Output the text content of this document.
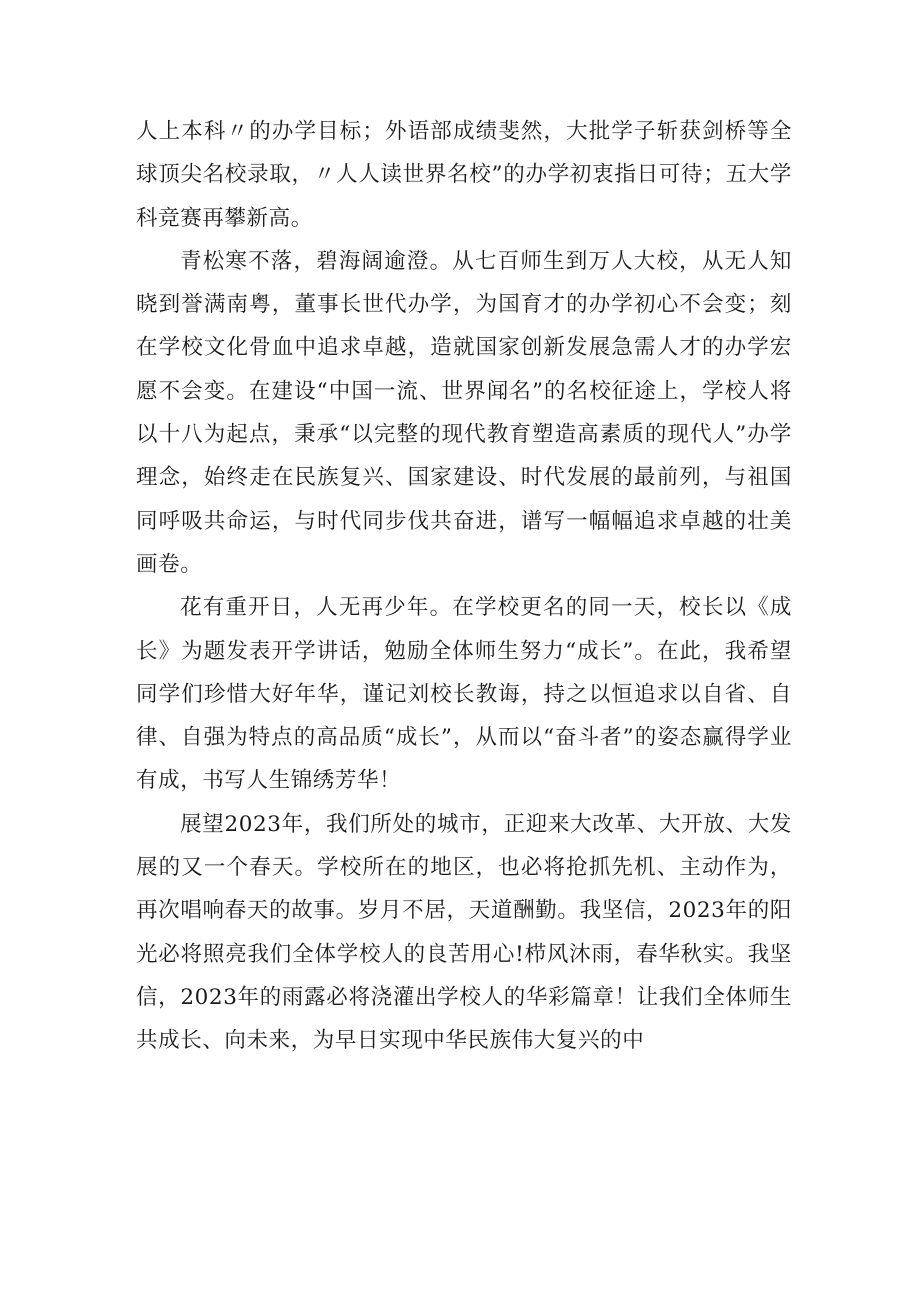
人上本科〃的办学目标；外语部成绩斐然，大批学子斩获剑桥等全球顶尖名校录取，〃人人读世界名校”的办学初衷指日可待；五大学科竞赛再攀新高。

青松寒不落，碧海阔逾澄。从七百师生到万人大校，从无人知晓到誉满南粤，董事长世代办学，为国育才的办学初心不会变；刻在学校文化骨血中追求卓越，造就国家创新发展急需人才的办学宏愿不会变。在建设“中国一流、世界闻名”的名校征途上，学校人将以十八为起点，秉承“以完整的现代教育塑造高素质的现代人”办学理念，始终走在民族复兴、国家建设、时代发展的最前列，与祖国同呼吸共命运，与时代同步伐共奋进，谱写一幅幅追求卓越的壮美画卷。

花有重开日，人无再少年。在学校更名的同一天，校长以《成长》为题发表开学讲话，勉励全体师生努力“成长”。在此，我希望同学们珍惜大好年华，谨记刘校长教诲，持之以恒追求以自省、自律、自强为特点的高品质“成长”，从而以“奋斗者”的姿态赢得学业有成，书写人生锦绣芳华！

展望2023年，我们所处的城市，正迎来大改革、大开放、大发展的又一个春天。学校所在的地区，也必将抢抓先机、主动作为，再次唱响春天的故事。岁月不居，天道酬勤。我坚信，2023年的阳光必将照亮我们全体学校人的良苦用心!栉风沐雨，春华秋实。我坚信，2023年的雨露必将浇灌出学校人的华彩篇章！让我们全体师生共成长、向未来，为早日实现中华民族伟大复兴的中
